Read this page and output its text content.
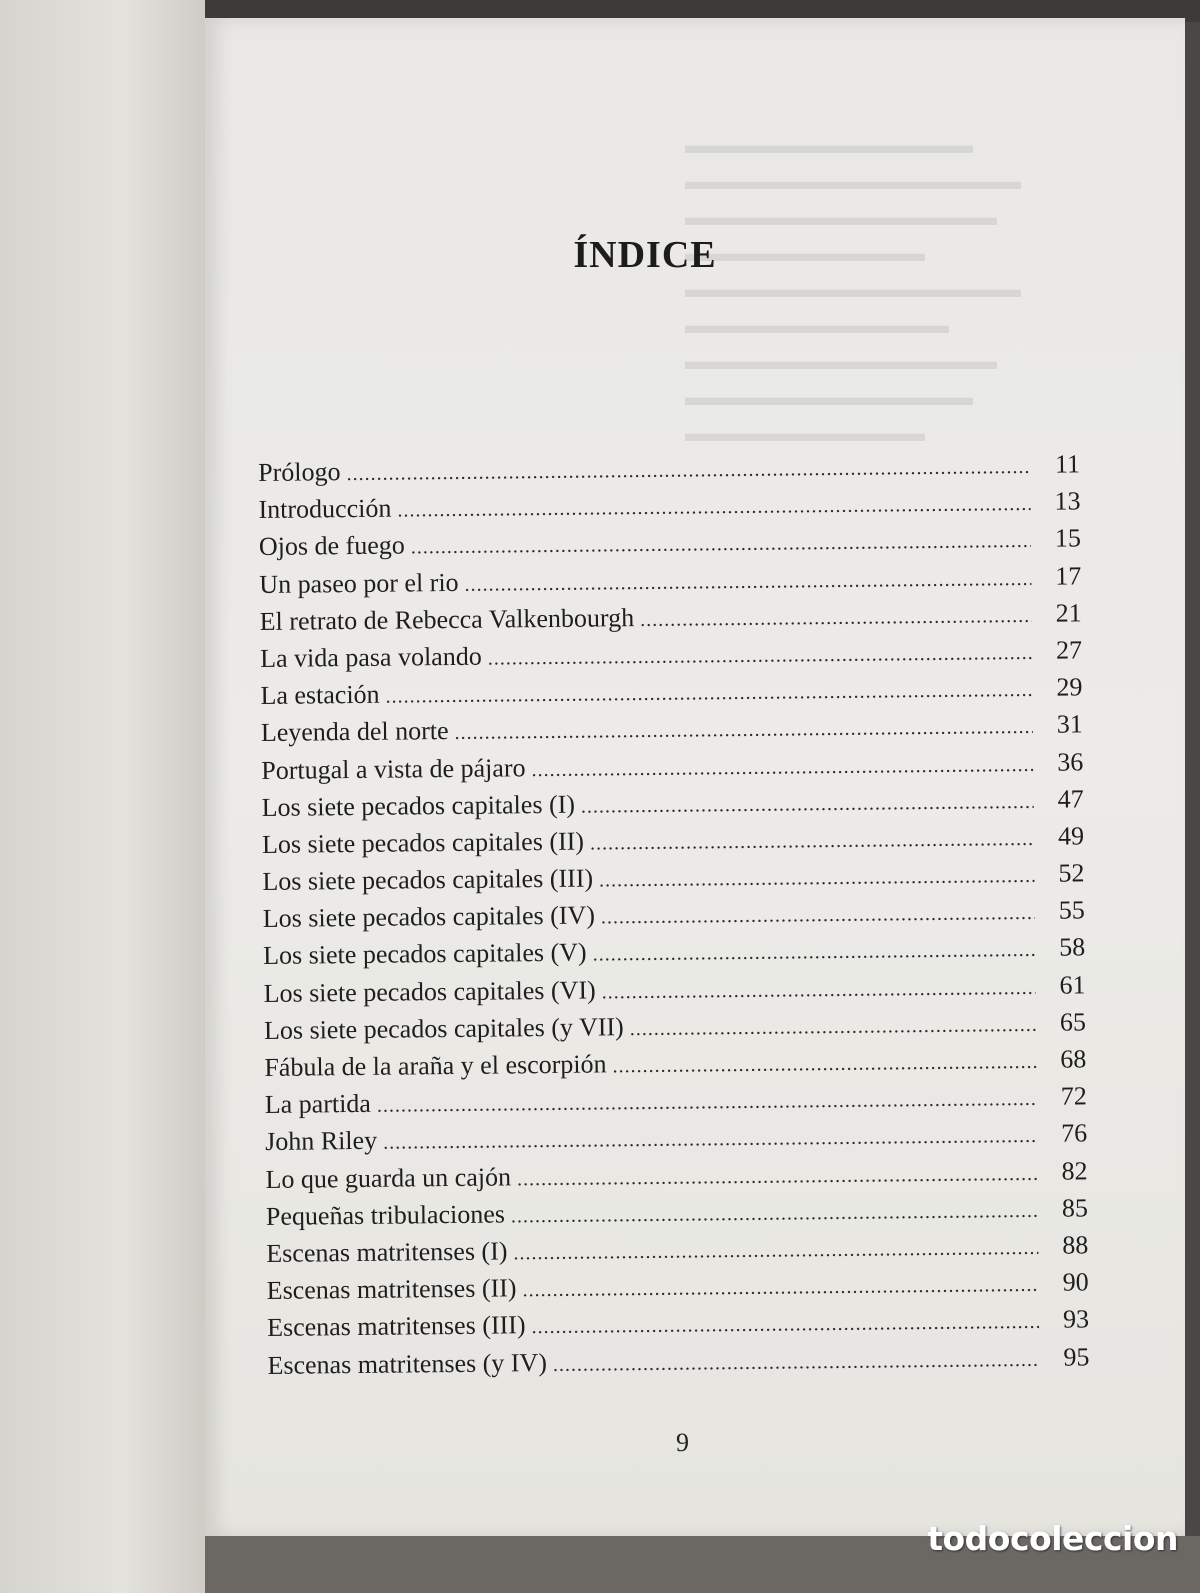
▬▬▬▬▬▬▬▬▬▬▬▬
▬▬▬▬▬▬▬▬▬▬▬▬▬▬
▬▬▬▬▬▬▬▬▬▬▬▬▬
▬▬▬▬▬▬▬▬▬▬
▬▬▬▬▬▬▬▬▬▬▬▬▬▬
▬▬▬▬▬▬▬▬▬▬▬
▬▬▬▬▬▬▬▬▬▬▬▬▬
▬▬▬▬▬▬▬▬▬▬▬▬
▬▬▬▬▬▬▬▬▬▬
ÍNDICE
Prólogo .....	11
Introducción .....	13
Ojos de fuego .....	15
Un paseo por el rio .....	17
El retrato de Rebecca Valkenbourgh .....	21
La vida pasa volando .....	27
La estación .....	29
Leyenda del norte .....	31
Portugal a vista de pájaro .....	36
Los siete pecados capitales (I) .....	47
Los siete pecados capitales (II) .....	49
Los siete pecados capitales (III) .....	52
Los siete pecados capitales (IV) .....	55
Los siete pecados capitales (V) .....	58
Los siete pecados capitales (VI) .....	61
Los siete pecados capitales (y VII) .....	65
Fábula de la araña y el escorpión .....	68
La partida .....	72
John Riley .....	76
Lo que guarda un cajón .....	82
Pequeñas tribulaciones .....	85
Escenas matritenses (I) .....	88
Escenas matritenses (II) .....	90
Escenas matritenses (III) .....	93
Escenas matritenses (y IV) .....	95
9
todocoleccion
